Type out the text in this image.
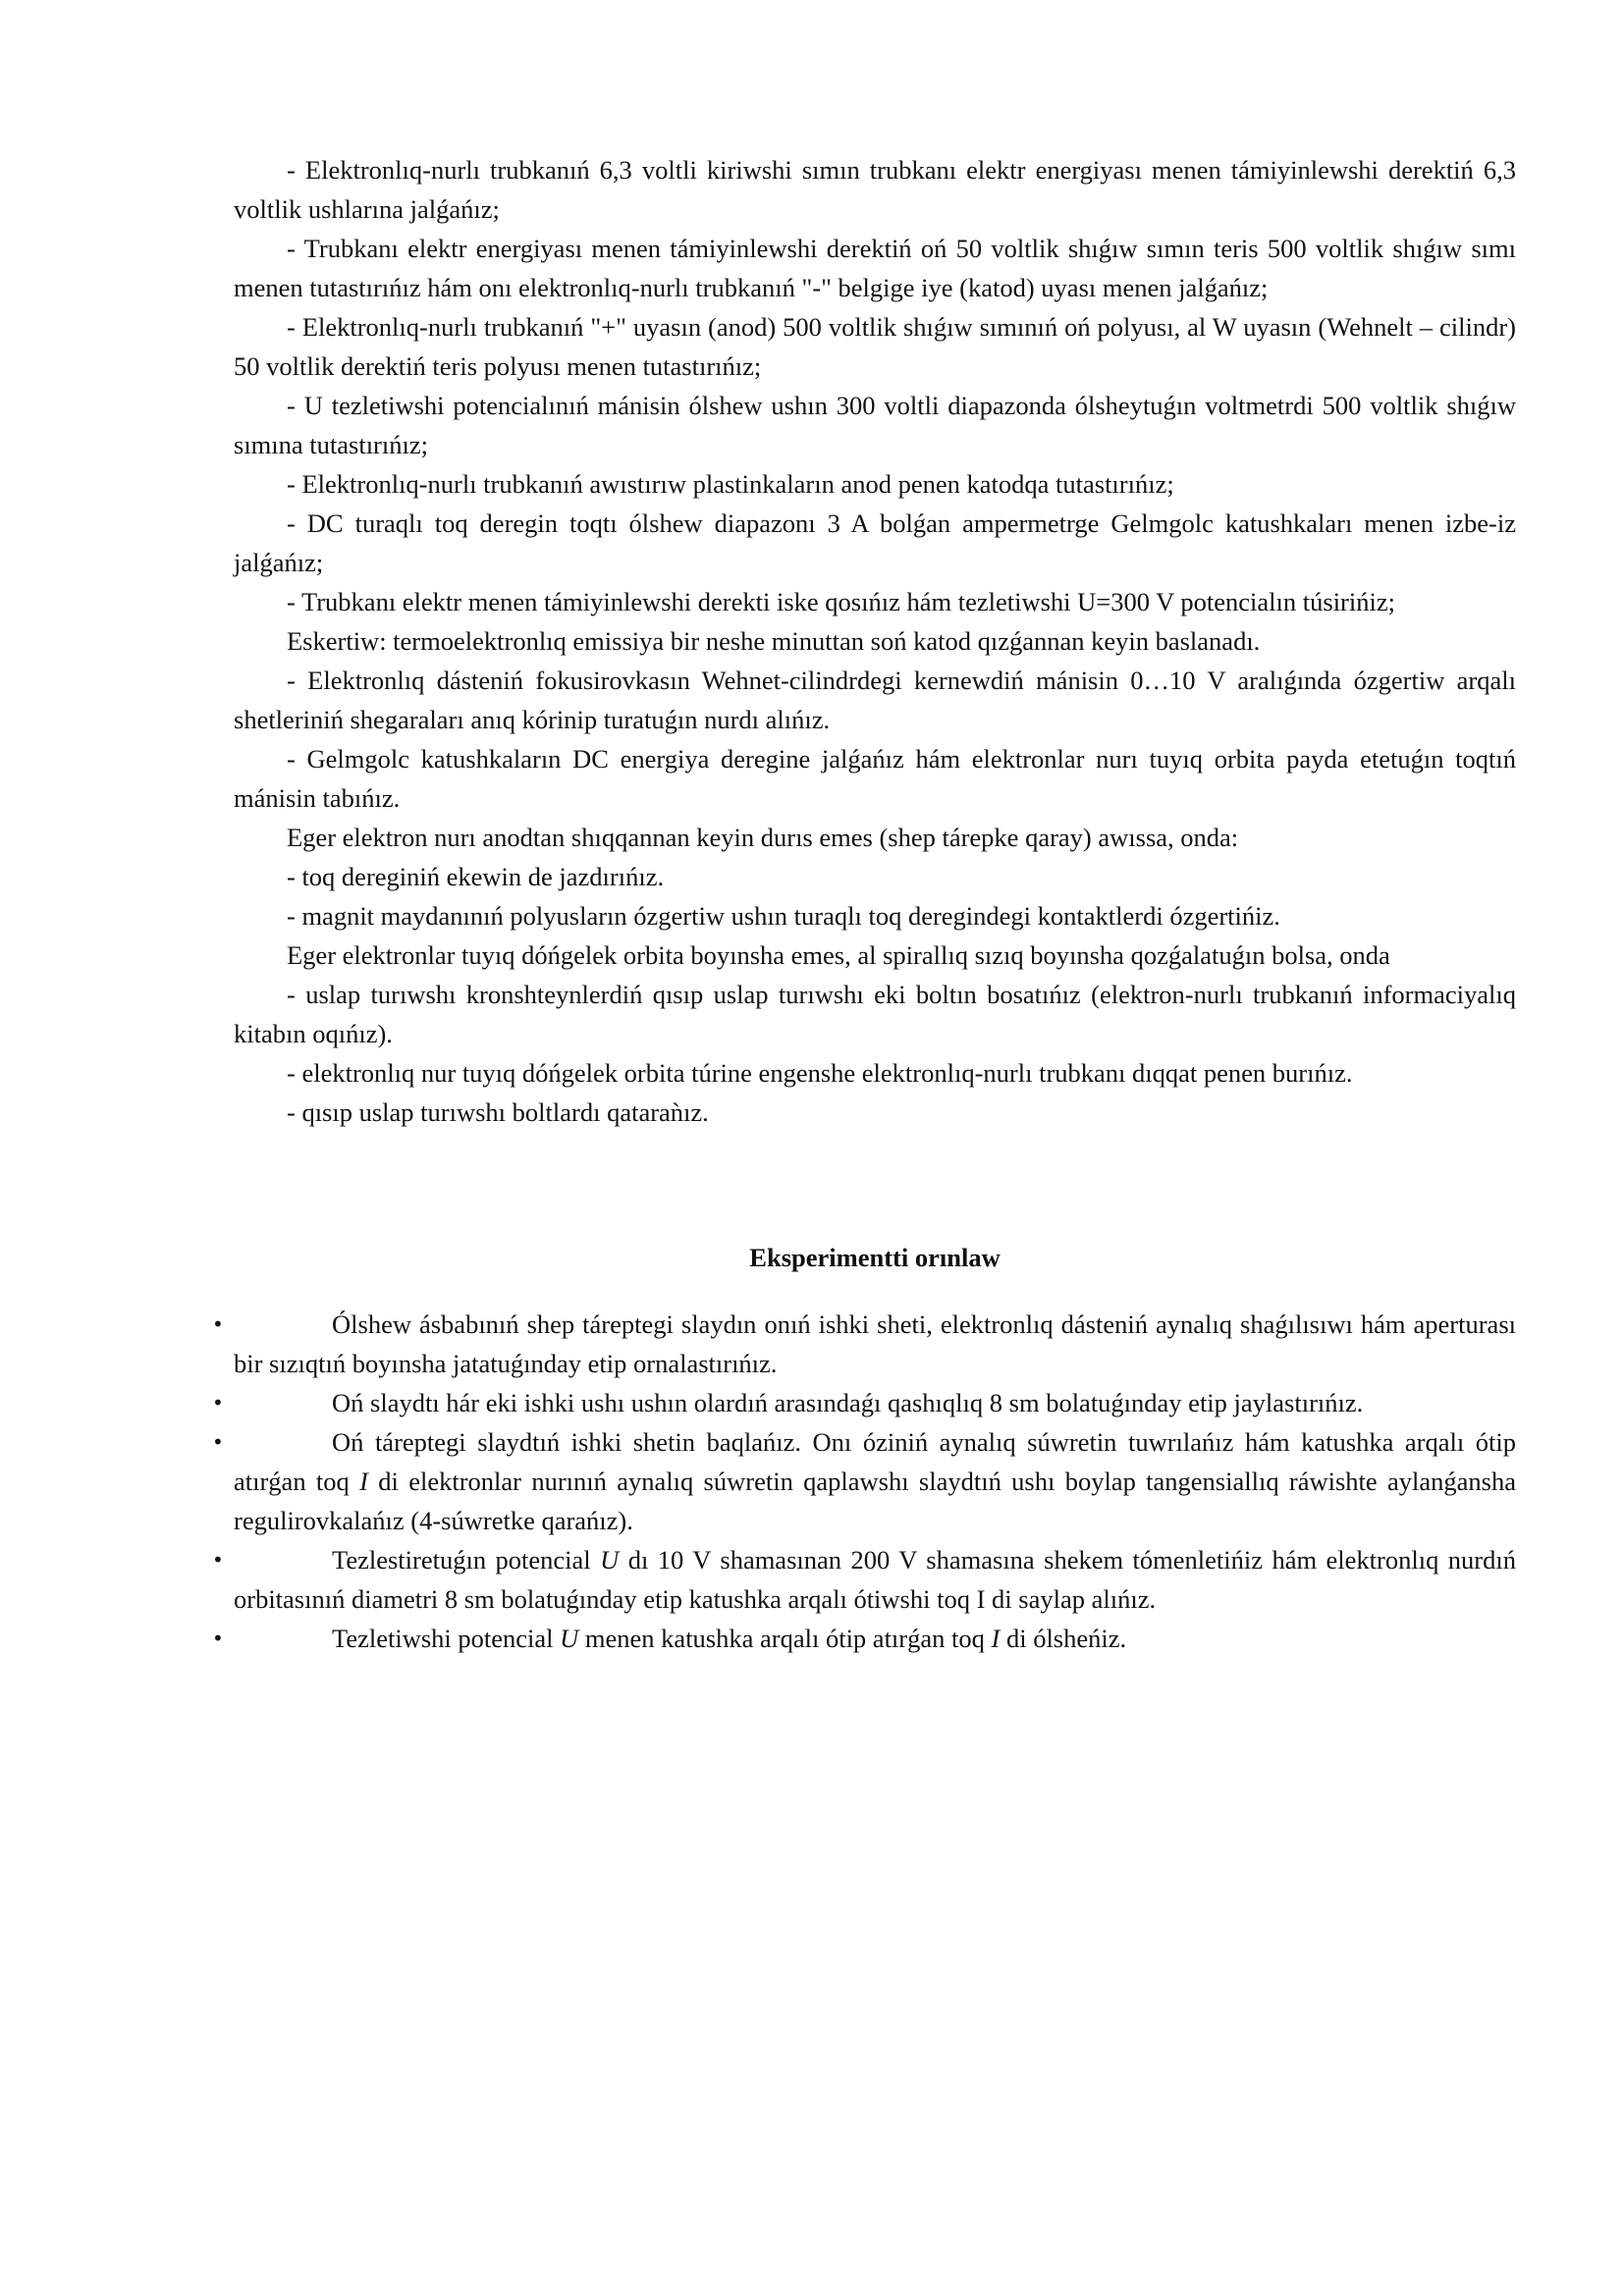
- Elektronlıq-nurlı trubkanıń 6,3 voltli kiriwshi sımın trubkanı elektr energiyası menen támiyinlewshi derektiń 6,3 voltlik ushlarına jalǵańız;

- Trubkanı elektr energiyası menen támiyinlewshi derektiń oń 50 voltlik shıǵıw sımın teris 500 voltlik shıǵıw sımı menen tutastırıńız hám onı elektronlıq-nurlı trubkanıń "-" belgige iye (katod) uyası menen jalǵańız;

- Elektronlıq-nurlı trubkanıń "+" uyasın (anod) 500 voltlik shıǵıw sımınıń oń polyusı, al W uyasın (Wehnelt – cilindr) 50 voltlik derektiń teris polyusı menen tutastırıńız;

- U tezletiwshi potencialınıń mánisin ólshew ushın 300 voltli diapazonda ólsheytuǵın voltmetrdi 500 voltlik shıǵıw sımına tutastırıńız;

- Elektronlıq-nurlı trubkanıń awıstırıw plastinkaların anod penen katodqa tutastırıńız;

- DC turaqlı toq deregin toqtı ólshew diapazonı 3 A bolǵan ampermetrge Gelmgolc katushkaları menen izbe-iz jalǵańız;

- Trubkanı elektr menen támiyinlewshi derekti iske qosıńız hám tezletiwshi U=300 V potencialın túsirińiz;

Eskertiw: termoelektronlıq emissiya bir neshe minuttan soń katod qızǵannan keyin baslanadı.

- Elektronlıq dásteniń fokusirovkasın Wehnet-cilindrdegi kernewdiń mánisin 0…10 V aralıǵında ózgertiw arqalı shetleriniń shegaraları anıq kórinip turatuǵın nurdı alıńız.

- Gelmgolc katushkaların DC energiya deregine jalǵańız hám elektronlar nurı tuyıq orbita payda etetuǵın toqtıń mánisin tabıńız.

Eger elektron nurı anodtan shıqqannan keyin durıs emes (shep tárepke qaray) awıssa, onda:

- toq dereginiń ekewin de jazdırıńız.

- magnit maydanınıń polyusların ózgertiw ushın turaqlı toq deregindegi kontaktlerdi ózgertińiz.

Eger elektronlar tuyıq dóńgelek orbita boyınsha emes, al spirallıq sızıq boyınsha qozǵalatuǵın bolsa, onda

- uslap turıwshı kronshteynlerdiń qısıp uslap turıwshı eki boltın bosatıńız (elektron-nurlı trubkanıń informaciyalıq kitabın oqıńız).

- elektronlıq nur tuyıq dóńgelek orbita túrine engenshe elektronlıq-nurlı trubkanı dıqqat penen burıńız.

- qısıp uslap turıwshı boltlardı qataraǹız.

Eksperimentti orınlaw
•	Ólshew ásbabınıń shep táreptegi slaydın onıń ishki sheti, elektronlıq dásteniń aynalıq shaǵılısıwı hám aperturası bir sızıqtıń boyınsha jatatuǵınday etip ornalastırıńız.
•	Oń slaydtı hár eki ishki ushı ushın olardıń arasındaǵı qashıqlıq 8 sm bolatuǵınday etip jaylastırıńız.
•	Oń táreptegi slaydtıń ishki shetin baqlańız. Onı óziniń aynalıq súwretin tuwrılańız hám katushka arqalı ótip atırǵan toq I di elektronlar nurınıń aynalıq súwretin qaplawshı slaydtıń ushı boylap tangensiallıq ráwishte aylanǵansha regulirovkalańız (4-súwretke qarańız).
•	Tezlestiretuǵın potencial U dı 10 V shamasınan 200 V shamasına shekem tómenletińiz hám elektronlıq nurdıń orbitasınıń diametri 8 sm bolatuǵınday etip katushka arqalı ótiwshi toq I di saylap alıńız.
•	Tezletiwshi potencial U menen katushka arqalı ótip atırǵan toq I di ólsheńiz.
